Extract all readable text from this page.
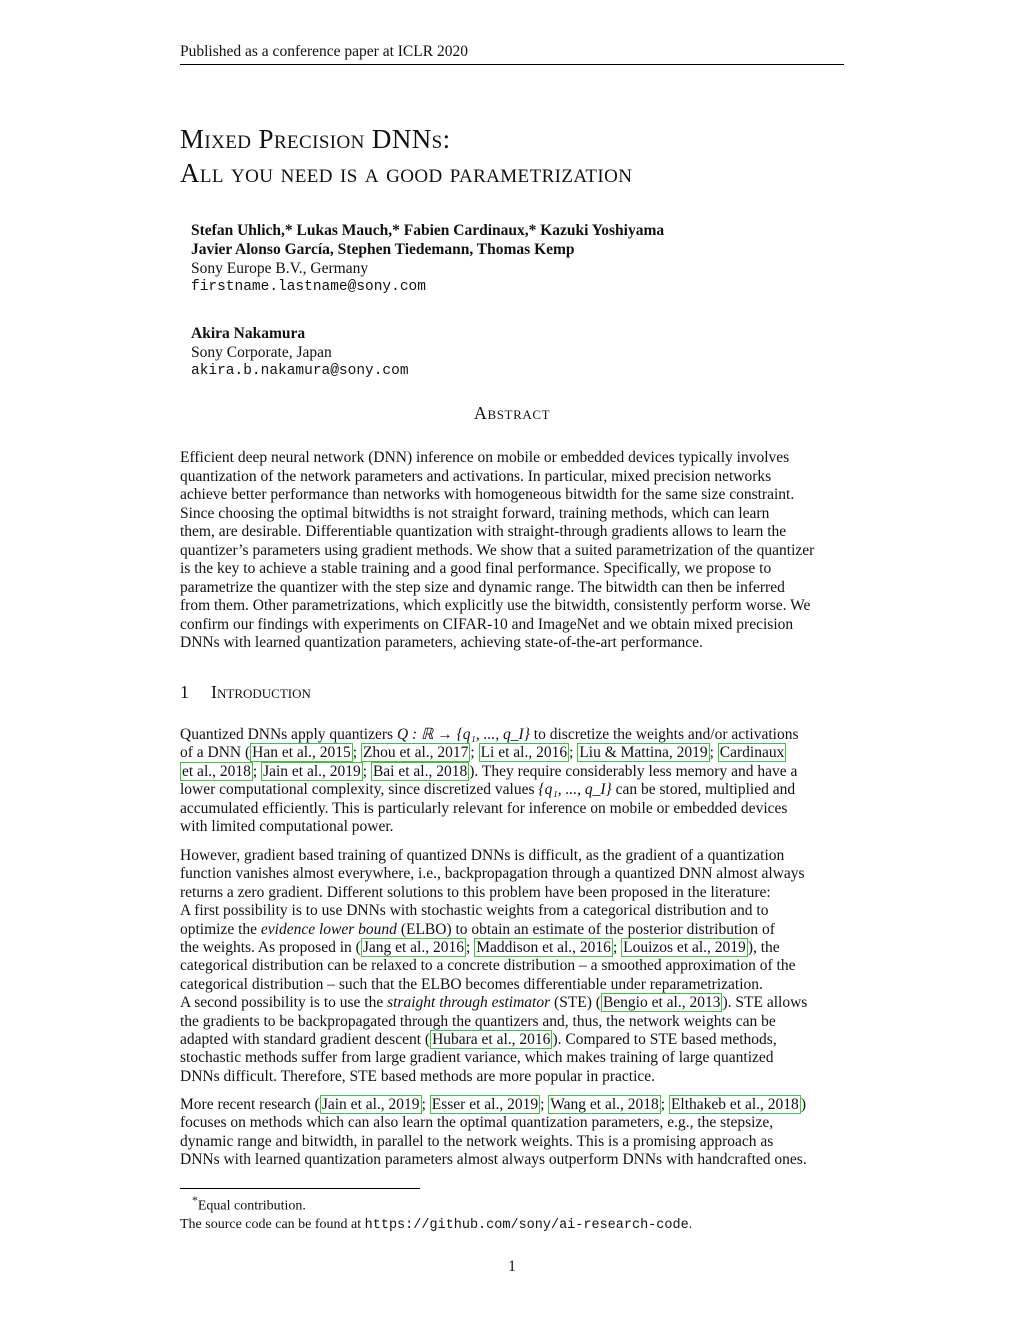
Published as a conference paper at ICLR 2020
Mixed Precision DNNs:
All you need is a good parametrization
Stefan Uhlich,* Lukas Mauch,* Fabien Cardinaux,* Kazuki Yoshiyama
Javier Alonso García, Stephen Tiedemann, Thomas Kemp
Sony Europe B.V., Germany
firstname.lastname@sony.com
Akira Nakamura
Sony Corporate, Japan
akira.b.nakamura@sony.com
Abstract
Efficient deep neural network (DNN) inference on mobile or embedded devices typically involves
quantization of the network parameters and activations. In particular, mixed precision networks
achieve better performance than networks with homogeneous bitwidth for the same size constraint.
Since choosing the optimal bitwidths is not straight forward, training methods, which can learn
them, are desirable. Differentiable quantization with straight-through gradients allows to learn the
quantizer’s parameters using gradient methods. We show that a suited parametrization of the quantizer
is the key to achieve a stable training and a good final performance. Specifically, we propose to
parametrize the quantizer with the step size and dynamic range. The bitwidth can then be inferred
from them. Other parametrizations, which explicitly use the bitwidth, consistently perform worse. We
confirm our findings with experiments on CIFAR-10 and ImageNet and we obtain mixed precision
DNNs with learned quantization parameters, achieving state-of-the-art performance.
1 Introduction
Quantized DNNs apply quantizers Q : ℝ → {q₁, ..., q_I} to discretize the weights and/or activations
of a DNN ( Han et al., 2015 ; Zhou et al., 2017 ; Li et al., 2016 ; Liu & Mattina, 2019 ; Cardinaux
et al., 2018 ; Jain et al., 2019 ; Bai et al., 2018 ). They require considerably less memory and have a
lower computational complexity, since discretized values {q₁, ..., q_I} can be stored, multiplied and
accumulated efficiently. This is particularly relevant for inference on mobile or embedded devices
with limited computational power.
However, gradient based training of quantized DNNs is difficult, as the gradient of a quantization
function vanishes almost everywhere, i.e., backpropagation through a quantized DNN almost always
returns a zero gradient. Different solutions to this problem have been proposed in the literature:
A first possibility is to use DNNs with stochastic weights from a categorical distribution and to
optimize the evidence lower bound (ELBO) to obtain an estimate of the posterior distribution of
the weights. As proposed in ( Jang et al., 2016 ; Maddison et al., 2016 ; Louizos et al., 2019 ), the
categorical distribution can be relaxed to a concrete distribution – a smoothed approximation of the
categorical distribution – such that the ELBO becomes differentiable under reparametrization.
A second possibility is to use the straight through estimator (STE) ( Bengio et al., 2013 ). STE allows
the gradients to be backpropagated through the quantizers and, thus, the network weights can be
adapted with standard gradient descent ( Hubara et al., 2016 ). Compared to STE based methods,
stochastic methods suffer from large gradient variance, which makes training of large quantized
DNNs difficult. Therefore, STE based methods are more popular in practice.
More recent research ( Jain et al., 2019 ; Esser et al., 2019 ; Wang et al., 2018 ; Elthakeb et al., 2018 )
focuses on methods which can also learn the optimal quantization parameters, e.g., the stepsize,
dynamic range and bitwidth, in parallel to the network weights. This is a promising approach as
DNNs with learned quantization parameters almost always outperform DNNs with handcrafted ones.
*Equal contribution.
The source code can be found at https://github.com/sony/ai-research-code.
1
